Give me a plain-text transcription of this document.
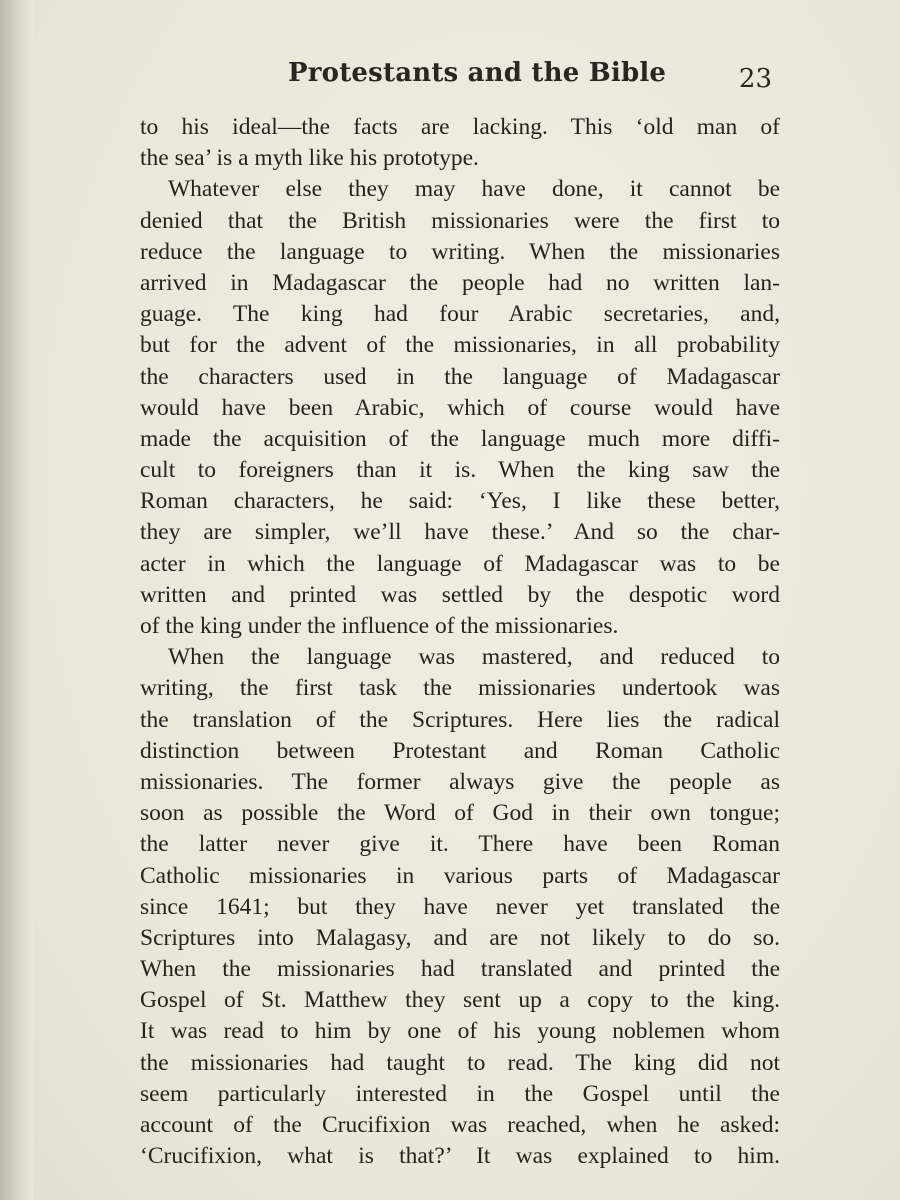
Protestants and the Bible	23
to his ideal—the facts are lacking. This ‘old man of
the sea’ is a myth like his prototype.
Whatever else they may have done, it cannot be
denied that the British missionaries were the first to
reduce the language to writing. When the missionaries
arrived in Madagascar the people had no written lan-
guage. The king had four Arabic secretaries, and,
but for the advent of the missionaries, in all probability
the characters used in the language of Madagascar
would have been Arabic, which of course would have
made the acquisition of the language much more diffi-
cult to foreigners than it is. When the king saw the
Roman characters, he said: ‘Yes, I like these better,
they are simpler, we’ll have these.’ And so the char-
acter in which the language of Madagascar was to be
written and printed was settled by the despotic word
of the king under the influence of the missionaries.
When the language was mastered, and reduced to
writing, the first task the missionaries undertook was
the translation of the Scriptures. Here lies the radical
distinction between Protestant and Roman Catholic
missionaries. The former always give the people as
soon as possible the Word of God in their own tongue;
the latter never give it. There have been Roman
Catholic missionaries in various parts of Madagascar
since 1641; but they have never yet translated the
Scriptures into Malagasy, and are not likely to do so.
When the missionaries had translated and printed the
Gospel of St. Matthew they sent up a copy to the king.
It was read to him by one of his young noblemen whom
the missionaries had taught to read. The king did not
seem particularly interested in the Gospel until the
account of the Crucifixion was reached, when he asked:
‘Crucifixion, what is that?’ It was explained to him.
